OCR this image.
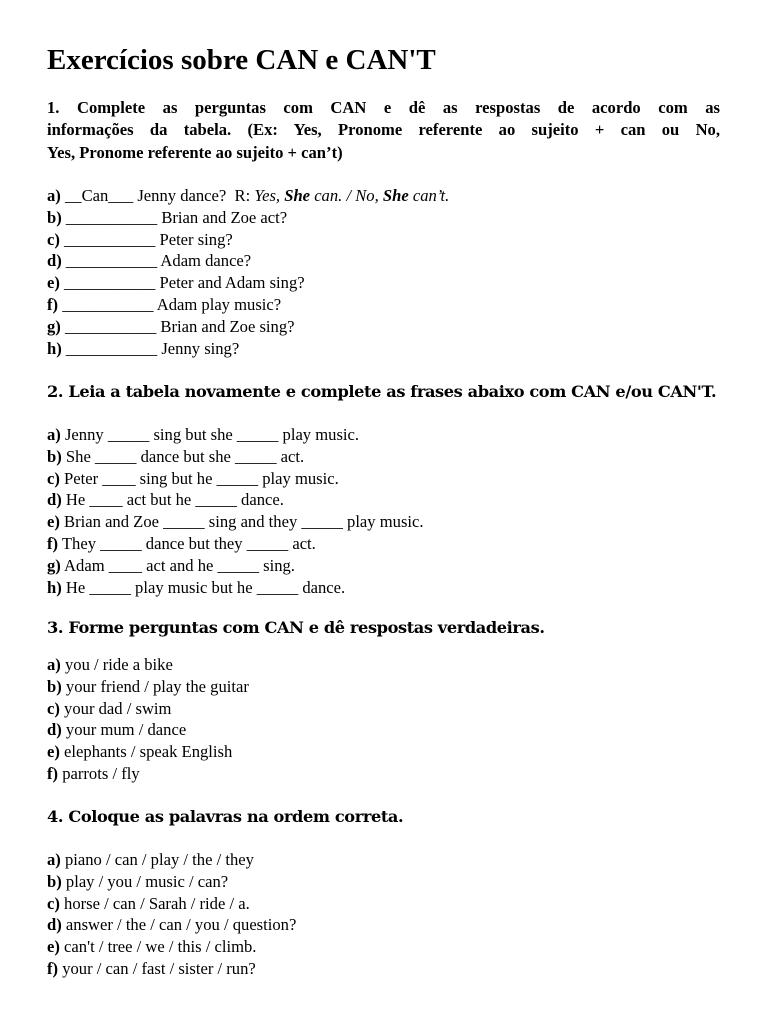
Exercícios sobre CAN e CAN'T

1. Complete as perguntas com CAN e dê as respostas de acordo com as
informações da tabela. (Ex: Yes, Pronome referente ao sujeito + can ou No,
Yes, Pronome referente ao sujeito + can’t)

a) __Can___ Jenny dance?  R: Yes, She can. / No, She can’t.
b) ___________ Brian and Zoe act?
c) ___________ Peter sing?
d) ___________ Adam dance?
e) ___________ Peter and Adam sing?
f) ___________ Adam play music?
g) ___________ Brian and Zoe sing?
h) ___________ Jenny sing?

2. Leia a tabela novamente e complete as frases abaixo com CAN e/ou CAN'T.

a) Jenny _____ sing but she _____ play music.
b) She _____ dance but she _____ act.
c) Peter ____ sing but he _____ play music.
d) He ____ act but he _____ dance.
e) Brian and Zoe _____ sing and they _____ play music.
f) They _____ dance but they _____ act.
g) Adam ____ act and he _____ sing.
h) He _____ play music but he _____ dance.

3. Forme perguntas com CAN e dê respostas verdadeiras.

a) you / ride a bike
b) your friend / play the guitar
c) your dad / swim
d) your mum / dance
e) elephants / speak English
f) parrots / fly

4. Coloque as palavras na ordem correta.

a) piano / can / play / the / they
b) play / you / music / can?
c) horse / can / Sarah / ride / a.
d) answer / the / can / you / question?
e) can't / tree / we / this / climb.
f) your / can / fast / sister / run?
